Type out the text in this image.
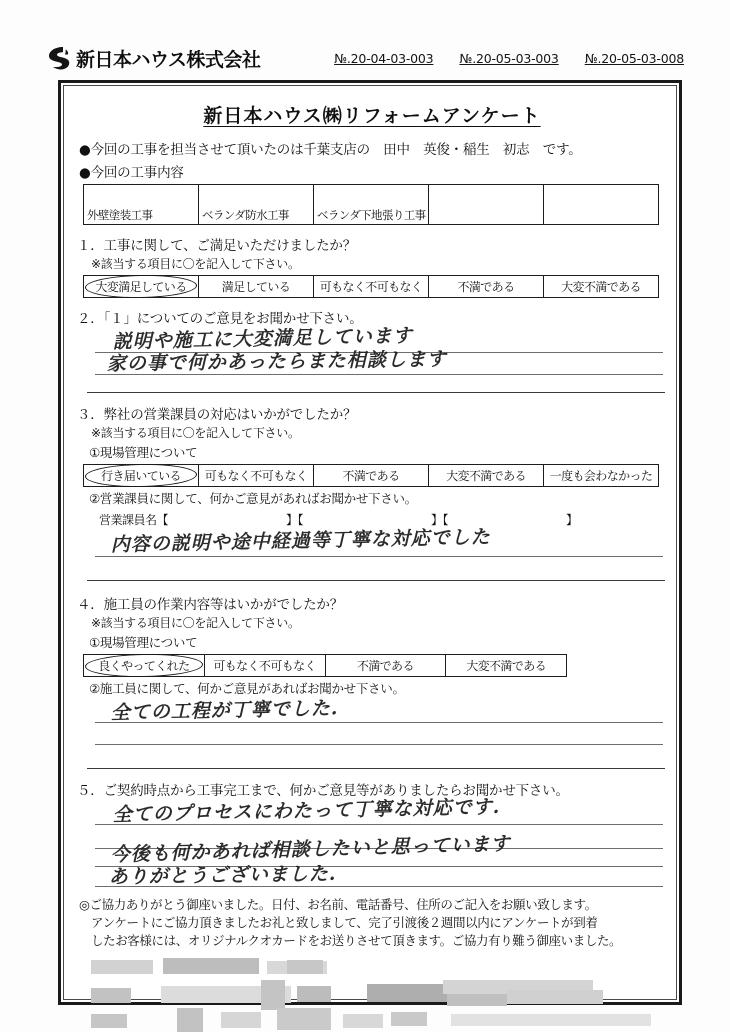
新日本ハウス株式会社	№.20-04-03-003 №.20-05-03-003 №.20-05-03-008
新日本ハウス㈱リフォームアンケート
●今回の工事を担当させて頂いたのは千葉支店の　田中　英俊・稲生　初志　です。
●今回の工事内容
外壁塗装工事	ベランダ防水工事	ベランダ下地張り工事		
１．工事に関して、ご満足いただけましたか？
※該当する項目に〇を記入して下さい。
大変満足している	満足している	可もなく不可もなく	不満である	大変不満である
２．「１」についてのご意見をお聞かせ下さい。
説明や施工に大変満足しています
家の事で何かあったらまた相談します
３．弊社の営業課員の対応はいかがでしたか？
※該当する項目に〇を記入して下さい。
①現場管理について
行き届いている	可もなく不可もなく	不満である	大変不満である	一度も会わなかった
②営業課員に関して、何かご意見があればお聞かせ下さい。
営業課員名【	】【	】【	】
内容の説明や途中経過等丁寧な対応でした
４．施工員の作業内容等はいかがでしたか？
※該当する項目に〇を記入して下さい。
①現場管理について
良くやってくれた	可もなく不可もなく	不満である	大変不満である
②施工員に関して、何かご意見があればお聞かせ下さい。
全ての工程が丁寧でした.
５．ご契約時点から工事完工まで、何かご意見等がありましたらお聞かせ下さい。
全てのプロセスにわたって丁寧な対応です.
今後も何かあれば相談したいと思っています
ありがとうございました.
◎ご協力ありがとう御座いました。日付、お名前、電話番号、住所のご記入をお願い致します。
アンケートにご協力頂きましたお礼と致しまして、完了引渡後２週間以内にアンケートが到着
したお客様には、オリジナルクオカードをお送りさせて頂きます。ご協力有り難う御座いました。
